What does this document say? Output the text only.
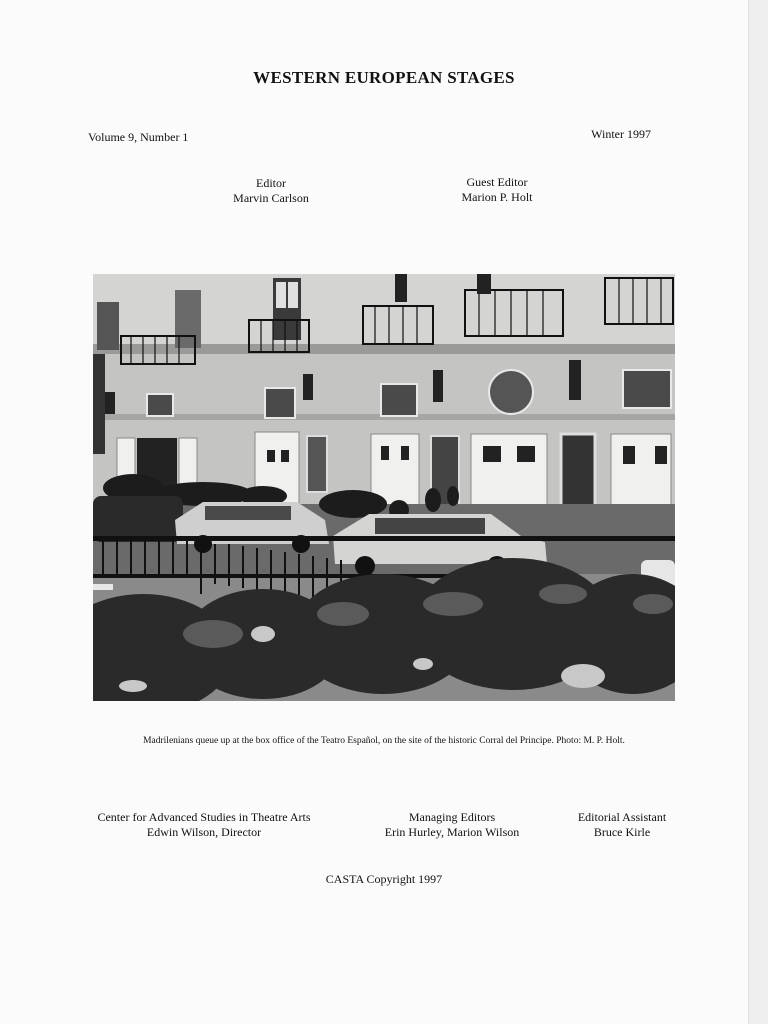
WESTERN EUROPEAN STAGES
Volume 9, Number 1	Winter 1997
Editor
Marvin Carlson
Guest Editor
Marion P. Holt
Madrilenians queue up at the box office of the Teatro Español, on the site of the historic Corral del Principe. Photo: M. P. Holt.
Center for Advanced Studies in Theatre Arts
Edwin Wilson, Director
Managing Editors
Erin Hurley, Marion Wilson
Editorial Assistant
Bruce Kirle
CASTA Copyright 1997
